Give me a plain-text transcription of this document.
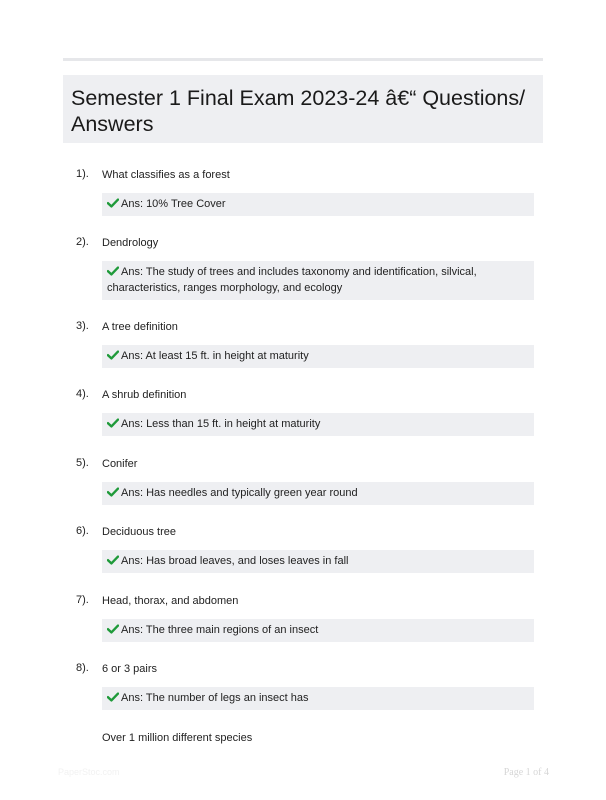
Semester 1 Final Exam 2023-24 â€“ Questions/ Answers
1). What classifies as a forest
Ans: 10% Tree Cover
2). Dendrology
Ans: The study of trees and includes taxonomy and identification, silvical, characteristics, ranges morphology, and ecology
3). A tree definition
Ans: At least 15 ft. in height at maturity
4). A shrub definition
Ans: Less than 15 ft. in height at maturity
5). Conifer
Ans: Has needles and typically green year round
6). Deciduous tree
Ans: Has broad leaves, and loses leaves in fall
7). Head, thorax, and abdomen
Ans: The three main regions of an insect
8). 6 or 3 pairs
Ans: The number of legs an insect has
Over 1 million different species
PaperStoc.com	Page 1 of 4
